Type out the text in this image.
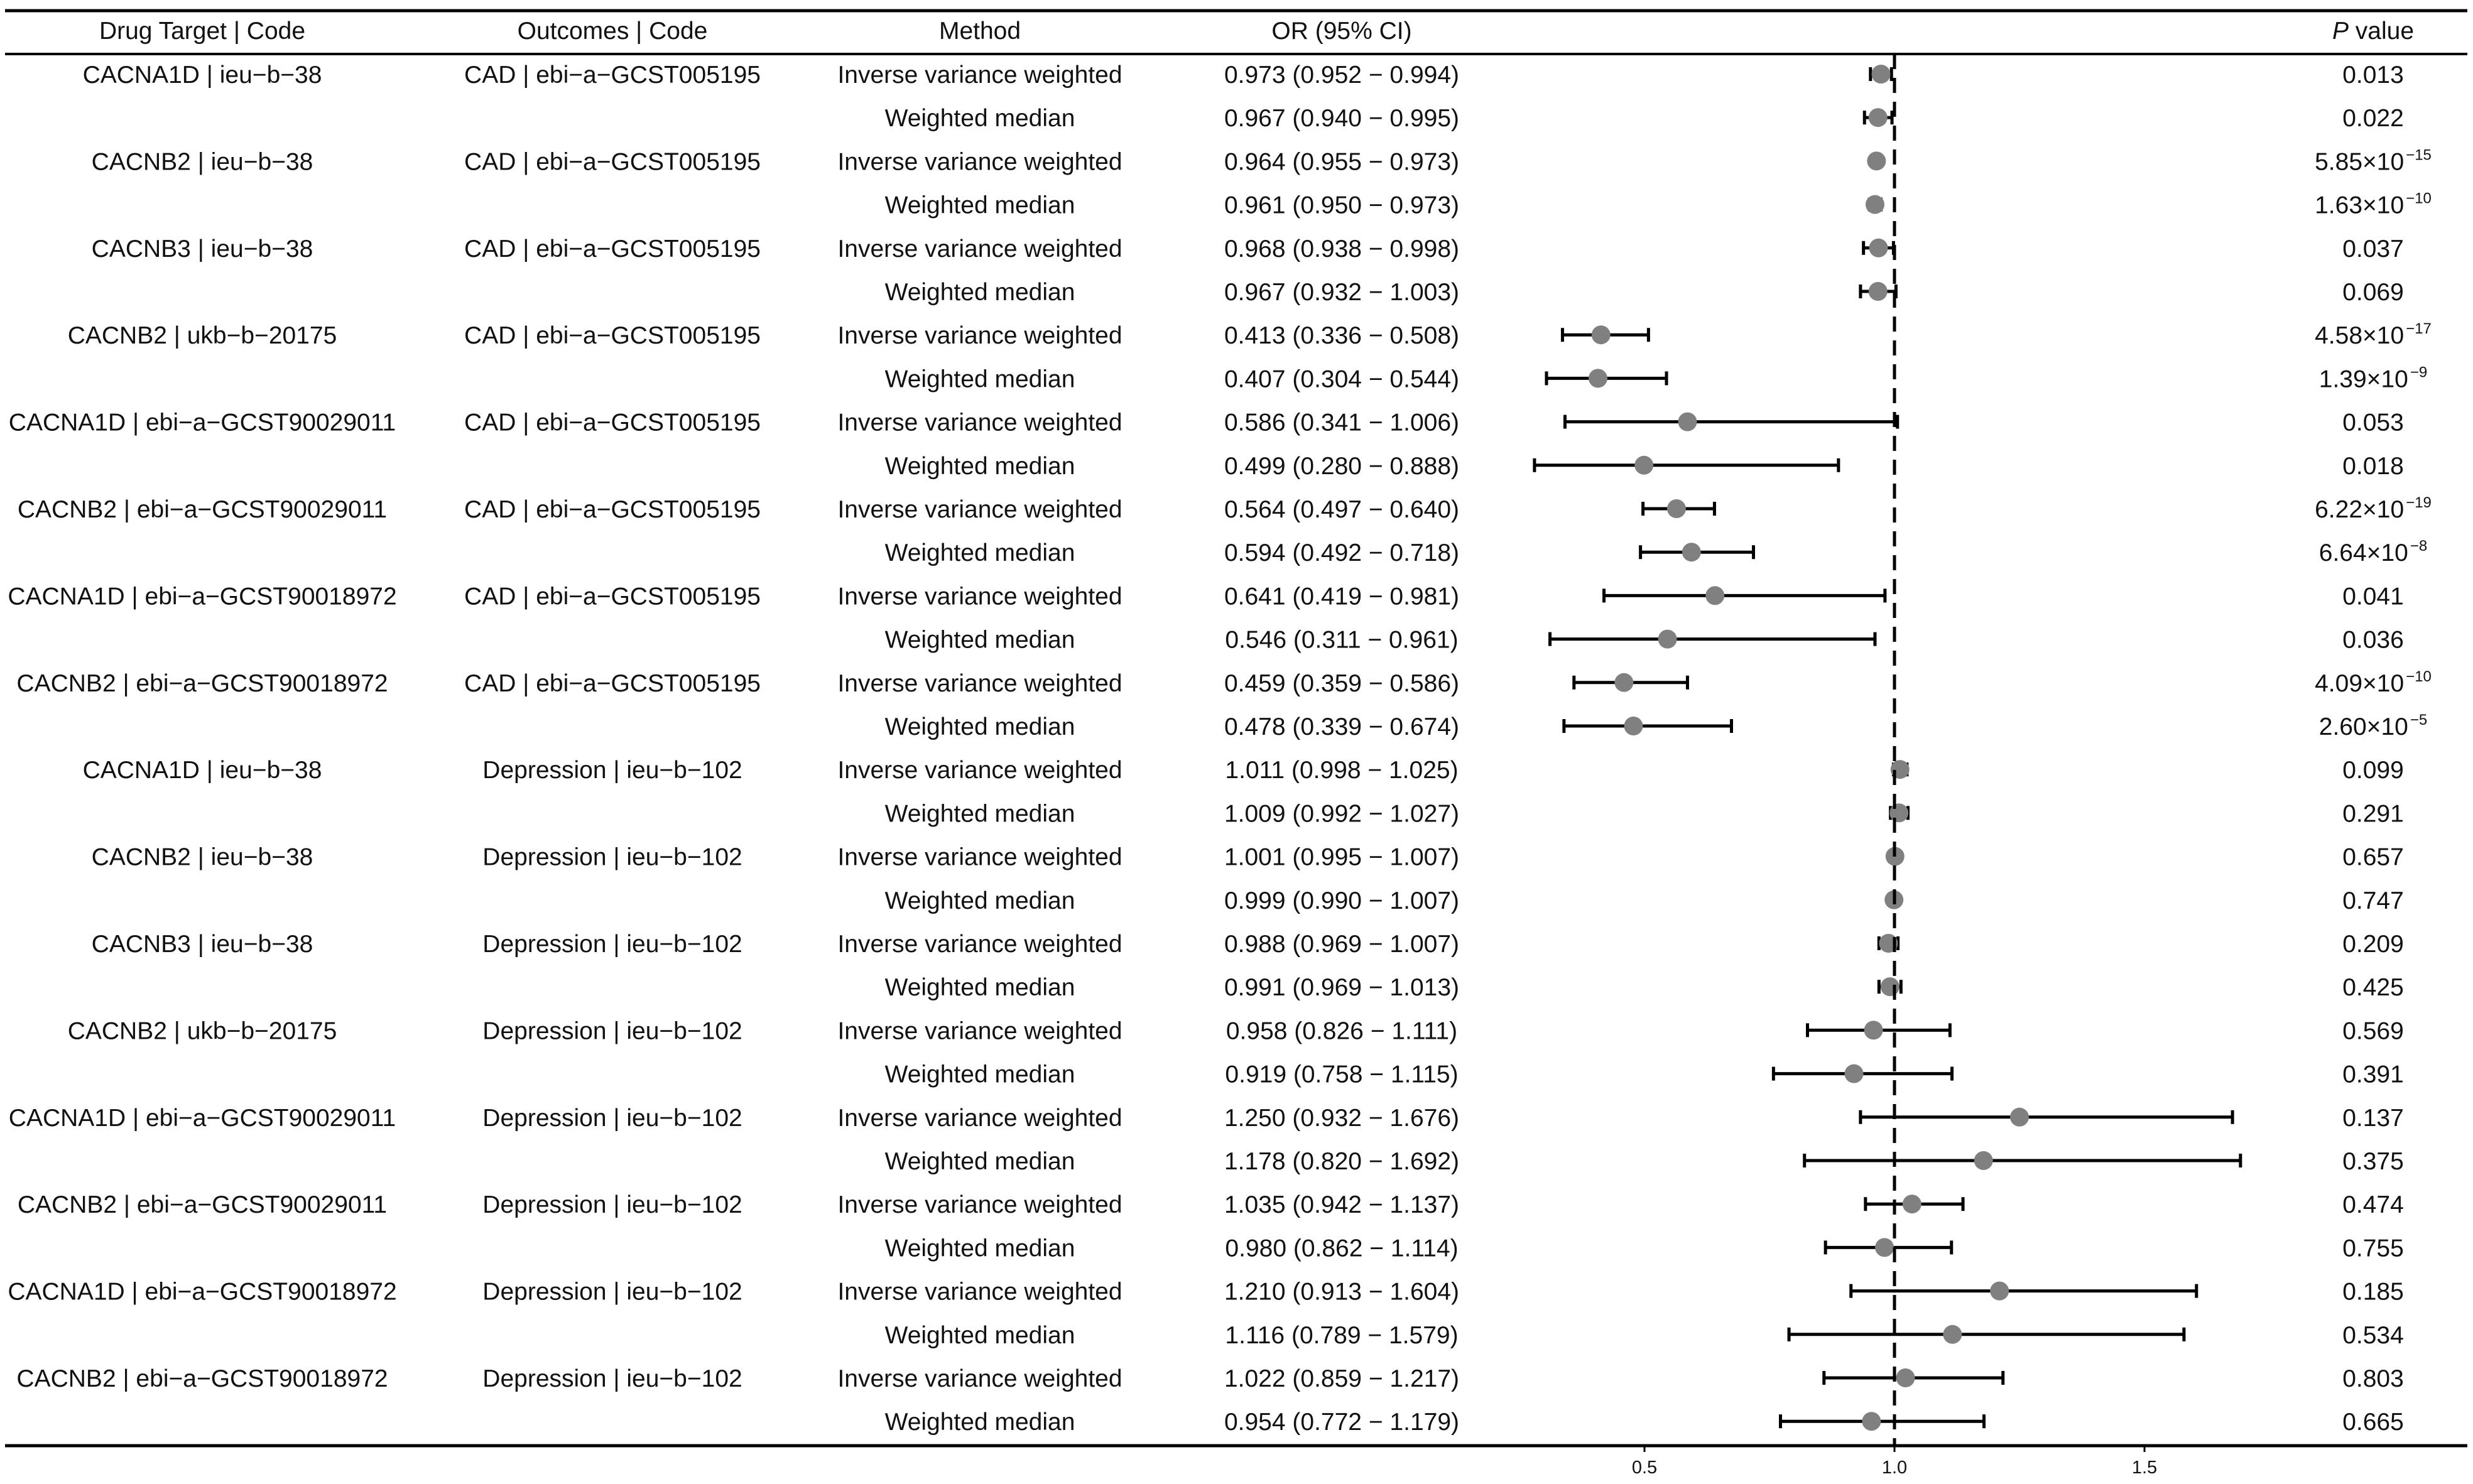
Drug Target | Code	Outcomes | Code	Method	OR (95% CI)	P value
CACNA1D | ieu−b−38	CAD | ebi−a−GCST005195	Inverse variance weighted	0.973 (0.952 − 0.994)	0.013
Weighted median	0.967 (0.940 − 0.995)	0.022
CACNB2 | ieu−b−38	CAD | ebi−a−GCST005195	Inverse variance weighted	0.964 (0.955 − 0.973)	5.85×10 $^{-15}$
Weighted median	0.961 (0.950 − 0.973)	1.63×10 $^{-10}$
CACNB3 | ieu−b−38	CAD | ebi−a−GCST005195	Inverse variance weighted	0.968 (0.938 − 0.998)	0.037
Weighted median	0.967 (0.932 − 1.003)	0.069
CACNB2 | ukb−b−20175	CAD | ebi−a−GCST005195	Inverse variance weighted	0.413 (0.336 − 0.508)	4.58×10 $^{-17}$
Weighted median	0.407 (0.304 − 0.544)	1.39×10 $^{-9}$
CACNA1D | ebi−a−GCST90029011	CAD | ebi−a−GCST005195	Inverse variance weighted	0.586 (0.341 − 1.006)	0.053
Weighted median	0.499 (0.280 − 0.888)	0.018
CACNB2 | ebi−a−GCST90029011	CAD | ebi−a−GCST005195	Inverse variance weighted	0.564 (0.497 − 0.640)	6.22×10 $^{-19}$
Weighted median	0.594 (0.492 − 0.718)	6.64×10 $^{-8}$
CACNA1D | ebi−a−GCST90018972	CAD | ebi−a−GCST005195	Inverse variance weighted	0.641 (0.419 − 0.981)	0.041
Weighted median	0.546 (0.311 − 0.961)	0.036
CACNB2 | ebi−a−GCST90018972	CAD | ebi−a−GCST005195	Inverse variance weighted	0.459 (0.359 − 0.586)	4.09×10 $^{-10}$
Weighted median	0.478 (0.339 − 0.674)	2.60×10 $^{-5}$
CACNA1D | ieu−b−38	Depression | ieu−b−102	Inverse variance weighted	1.011 (0.998 − 1.025)	0.099
Weighted median	1.009 (0.992 − 1.027)	0.291
CACNB2 | ieu−b−38	Depression | ieu−b−102	Inverse variance weighted	1.001 (0.995 − 1.007)	0.657
Weighted median	0.999 (0.990 − 1.007)	0.747
CACNB3 | ieu−b−38	Depression | ieu−b−102	Inverse variance weighted	0.988 (0.969 − 1.007)	0.209
Weighted median	0.991 (0.969 − 1.013)	0.425
CACNB2 | ukb−b−20175	Depression | ieu−b−102	Inverse variance weighted	0.958 (0.826 − 1.111)	0.569
Weighted median	0.919 (0.758 − 1.115)	0.391
CACNA1D | ebi−a−GCST90029011	Depression | ieu−b−102	Inverse variance weighted	1.250 (0.932 − 1.676)	0.137
Weighted median	1.178 (0.820 − 1.692)	0.375
CACNB2 | ebi−a−GCST90029011	Depression | ieu−b−102	Inverse variance weighted	1.035 (0.942 − 1.137)	0.474
Weighted median	0.980 (0.862 − 1.114)	0.755
CACNA1D | ebi−a−GCST90018972	Depression | ieu−b−102	Inverse variance weighted	1.210 (0.913 − 1.604)	0.185
Weighted median	1.116 (0.789 − 1.579)	0.534
CACNB2 | ebi−a−GCST90018972	Depression | ieu−b−102	Inverse variance weighted	1.022 (0.859 − 1.217)	0.803
Weighted median	0.954 (0.772 − 1.179)	0.665
0.5	1.0	1.5
